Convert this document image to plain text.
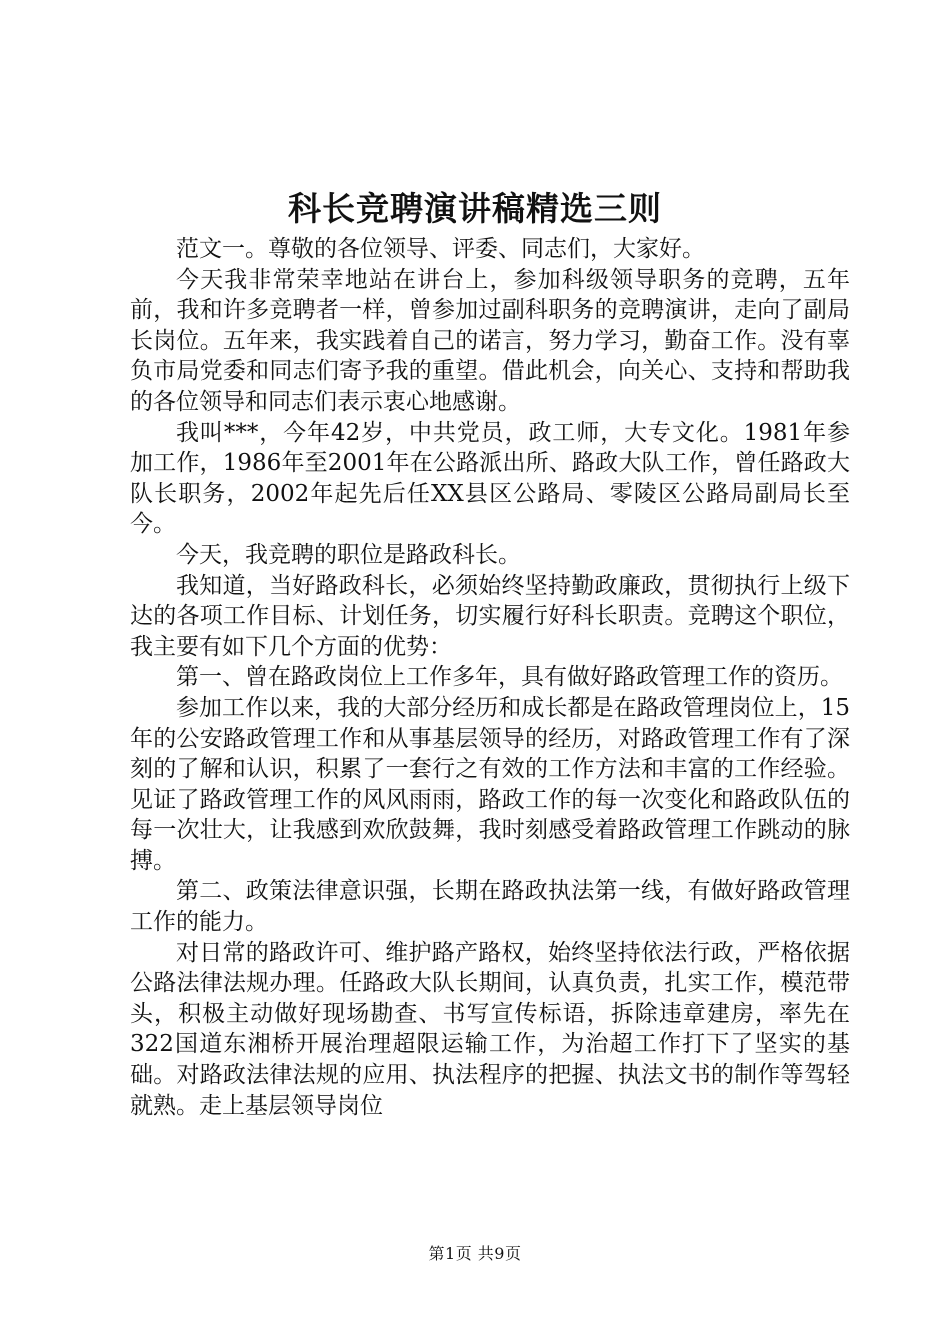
科长竞聘演讲稿精选三则

范文一。尊敬的各位领导、评委、同志们，大家好。

今天我非常荣幸地站在讲台上，参加科级领导职务的竞聘，五年前，我和许多竞聘者一样，曾参加过副科职务的竞聘演讲，走向了副局长岗位。五年来，我实践着自己的诺言，努力学习，勤奋工作。没有辜负市局党委和同志们寄予我的重望。借此机会，向关心、支持和帮助我的各位领导和同志们表示衷心地感谢。

我叫***，今年42岁，中共党员，政工师，大专文化。1981年参加工作，1986年至2001年在公路派出所、路政大队工作，曾任路政大队长职务，2002年起先后任XX县区公路局、零陵区公路局副局长至今。

今天，我竞聘的职位是路政科长。

我知道，当好路政科长，必须始终坚持勤政廉政，贯彻执行上级下达的各项工作目标、计划任务，切实履行好科长职责。竞聘这个职位，我主要有如下几个方面的优势：

第一、曾在路政岗位上工作多年，具有做好路政管理工作的资历。

参加工作以来，我的大部分经历和成长都是在路政管理岗位上，15年的公安路政管理工作和从事基层领导的经历，对路政管理工作有了深刻的了解和认识，积累了一套行之有效的工作方法和丰富的工作经验。见证了路政管理工作的风风雨雨，路政工作的每一次变化和路政队伍的每一次壮大，让我感到欢欣鼓舞，我时刻感受着路政管理工作跳动的脉搏。

第二、政策法律意识强，长期在路政执法第一线，有做好路政管理工作的能力。

对日常的路政许可、维护路产路权，始终坚持依法行政，严格依据公路法律法规办理。任路政大队长期间，认真负责，扎实工作，模范带头，积极主动做好现场勘查、书写宣传标语，拆除违章建房，率先在322国道东湘桥开展治理超限运输工作，为治超工作打下了坚实的基础。对路政法律法规的应用、执法程序的把握、执法文书的制作等驾轻就熟。走上基层领导岗位

第1页 共9页
